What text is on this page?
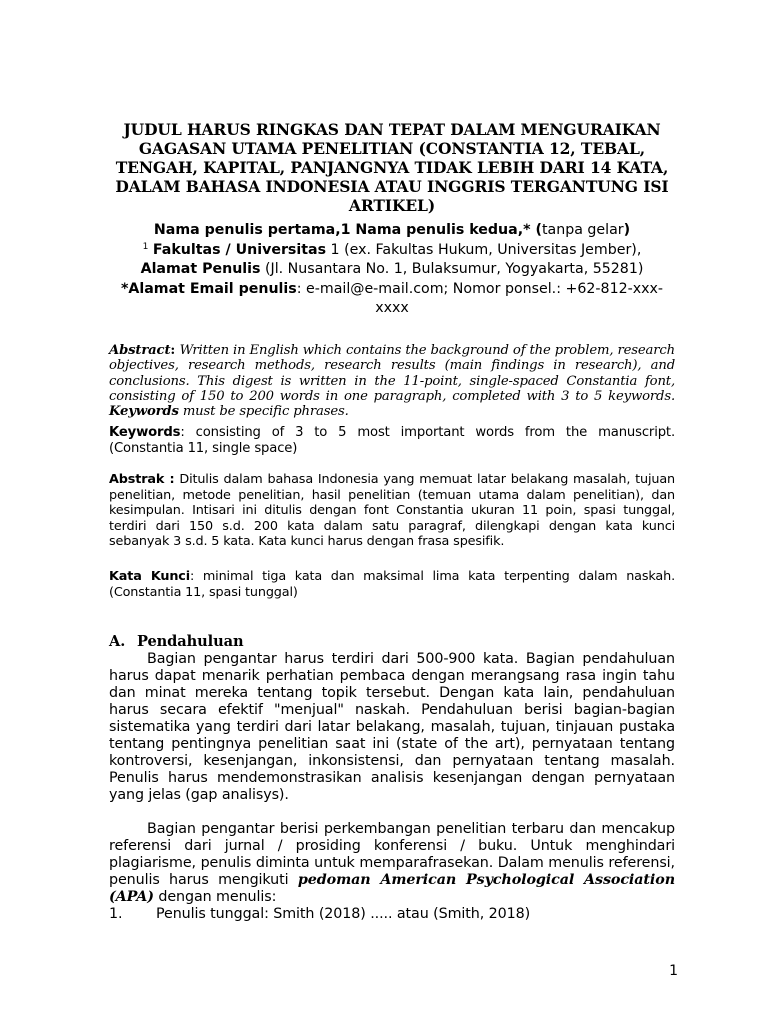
JUDUL HARUS RINGKAS DAN TEPAT DALAM MENGURAIKAN GAGASAN UTAMA PENELITIAN (CONSTANTIA 12, TEBAL, TENGAH, KAPITAL, PANJANGNYA TIDAK LEBIH DARI 14 KATA, DALAM BAHASA INDONESIA ATAU INGGRIS TERGANTUNG ISI ARTIKEL)
Nama penulis pertama,1 Nama penulis kedua,* (tanpa gelar)
$^1$ Fakultas / Universitas 1 (ex. Fakultas Hukum, Universitas Jember),
Alamat Penulis (Jl. Nusantara No. 1, Bulaksumur, Yogyakarta, 55281)
*Alamat Email penulis: e-mail@e-mail.com; Nomor ponsel.: +62-812-xxx-xxxx
Abstract: Written in English which contains the background of the problem, research objectives, research methods, research results (main findings in research), and conclusions. This digest is written in the 11-point, single-spaced Constantia font, consisting of 150 to 200 words in one paragraph, completed with 3 to 5 keywords. Keywords must be specific phrases.
Keywords: consisting of 3 to 5 most important words from the manuscript. (Constantia 11, single space)
Abstrak : Ditulis dalam bahasa Indonesia yang memuat latar belakang masalah, tujuan penelitian, metode penelitian, hasil penelitian (temuan utama dalam penelitian), dan kesimpulan. Intisari ini ditulis dengan font Constantia ukuran 11 poin, spasi tunggal, terdiri dari 150 s.d. 200 kata dalam satu paragraf, dilengkapi dengan kata kunci sebanyak 3 s.d. 5 kata. Kata kunci harus dengan frasa spesifik.
Kata Kunci: minimal tiga kata dan maksimal lima kata terpenting dalam naskah. (Constantia 11, spasi tunggal)
A. Pendahuluan
Bagian pengantar harus terdiri dari 500-900 kata. Bagian pendahuluan harus dapat menarik perhatian pembaca dengan merangsang rasa ingin tahu dan minat mereka tentang topik tersebut. Dengan kata lain, pendahuluan harus secara efektif "menjual" naskah. Pendahuluan berisi bagian-bagian sistematika yang terdiri dari latar belakang, masalah, tujuan, tinjauan pustaka tentang pentingnya penelitian saat ini (state of the art), pernyataan tentang kontroversi, kesenjangan, inkonsistensi, dan pernyataan tentang masalah. Penulis harus mendemonstrasikan analisis kesenjangan dengan pernyataan yang jelas (gap analisys).
Bagian pengantar berisi perkembangan penelitian terbaru dan mencakup referensi dari jurnal / prosiding konferensi / buku. Untuk menghindari plagiarisme, penulis diminta untuk memparafrasekan. Dalam menulis referensi, penulis harus mengikuti pedoman American Psychological Association (APA) dengan menulis:
1. Penulis tunggal: Smith (2018) ..... atau (Smith, 2018)
1
